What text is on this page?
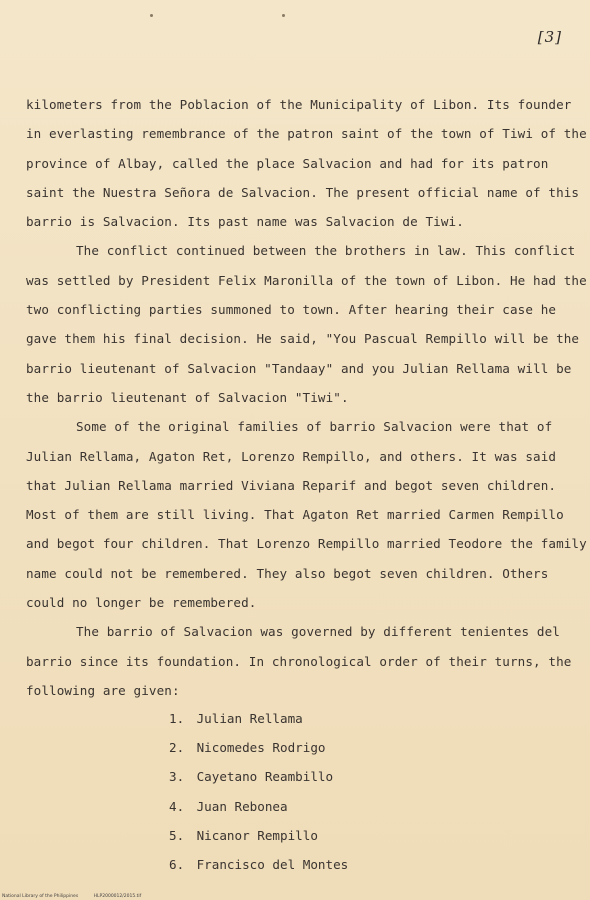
[3]
kilometers from the Poblacion of the Municipality of Libon. Its founder
in everlasting remembrance of the patron saint of the town of Tiwi of the
province of Albay, called the place Salvacion and had for its patron
saint the Nuestra Señora de Salvacion. The present official name of this
barrio is Salvacion. Its past name was Salvacion de Tiwi.
The conflict continued between the brothers in law. This conflict
was settled by President Felix Maronilla of the town of Libon. He had the
two conflicting parties summoned to town. After hearing their case he
gave them his final decision. He said, "You Pascual Rempillo will be the
barrio lieutenant of Salvacion "Tandaay" and you Julian Rellama will be
the barrio lieutenant of Salvacion "Tiwi".
Some of the original families of barrio Salvacion were that of
Julian Rellama, Agaton Ret, Lorenzo Rempillo, and others. It was said
that Julian Rellama married Viviana Reparif and begot seven children.
Most of them are still living. That Agaton Ret married Carmen Rempillo
and begot four children. That Lorenzo Rempillo married Teodore the family
name could not be remembered. They also begot seven children. Others
could no longer be remembered.
The barrio of Salvacion was governed by different tenientes del
barrio since its foundation. In chronological order of their turns, the
following are given:
1. Julian Rellama
2. Nicomedes Rodrigo
3. Cayetano Reambillo
4. Juan Rebonea
5. Nicanor Rempillo
6. Francisco del Montes
National Library of the Philippines	HLP2000012/2015.tif
